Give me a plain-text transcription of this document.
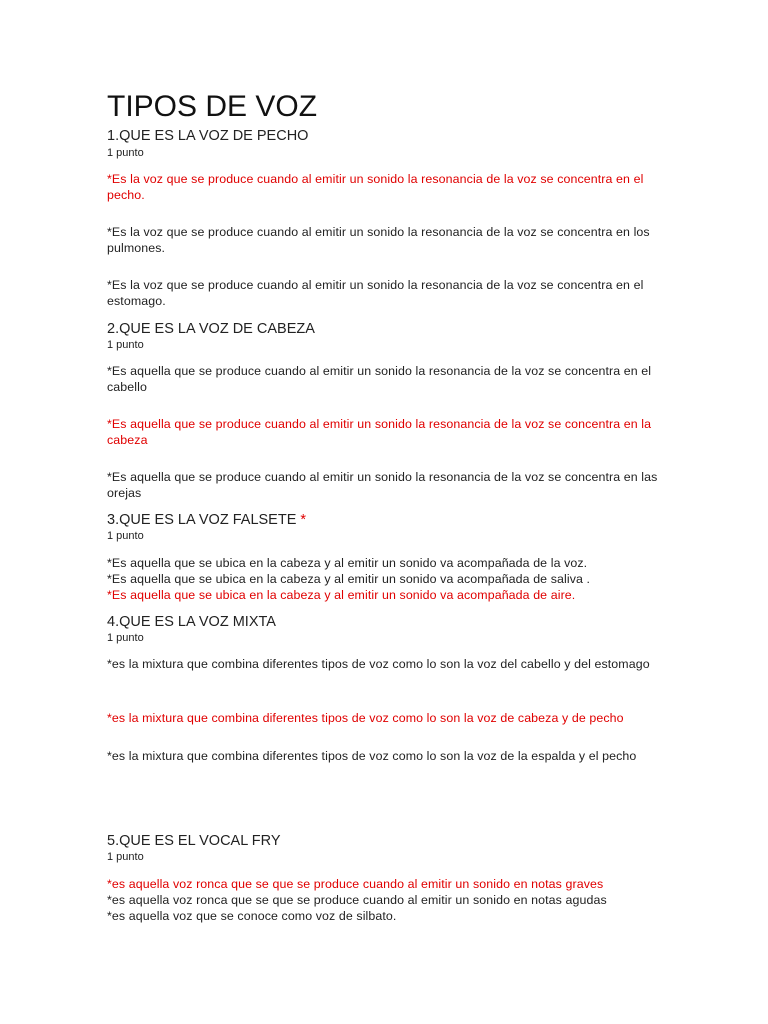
TIPOS DE VOZ
1.QUE ES LA VOZ DE PECHO
1 punto
*Es la voz que se produce cuando al emitir un sonido la resonancia de la voz se concentra en el pecho.
*Es la voz que se produce cuando al emitir un sonido la resonancia de la voz se concentra en los pulmones.
*Es la voz que se produce cuando al emitir un sonido la resonancia de la voz se concentra en el estomago.
2.QUE ES LA VOZ DE CABEZA
1 punto
*Es aquella que se produce cuando al emitir un sonido la resonancia de la voz se concentra en el cabello
*Es aquella que se produce cuando al emitir un sonido la resonancia de la voz se concentra en la cabeza
*Es aquella que se produce cuando al emitir un sonido la resonancia de la voz se concentra en las orejas
3.QUE ES LA VOZ FALSETE *
1 punto
*Es aquella que se ubica en la cabeza y al emitir un sonido va acompañada de la voz.
*Es aquella que se ubica en la cabeza y al emitir un sonido va acompañada de saliva .
*Es aquella que se ubica en la cabeza y al emitir un sonido va acompañada de aire.
4.QUE ES LA VOZ MIXTA
1 punto
*es la mixtura que combina diferentes tipos de voz como lo son la voz del cabello y del estomago
*es la mixtura que combina diferentes tipos de voz como lo son la voz de cabeza y de pecho
*es la mixtura que combina diferentes tipos de voz como lo son la voz de la espalda y el pecho
5.QUE ES EL VOCAL FRY
1 punto
*es aquella voz ronca que se que se produce cuando al emitir un sonido en notas graves
*es aquella voz ronca que se que se produce cuando al emitir un sonido en notas agudas
*es aquella voz que se conoce como voz de silbato.
